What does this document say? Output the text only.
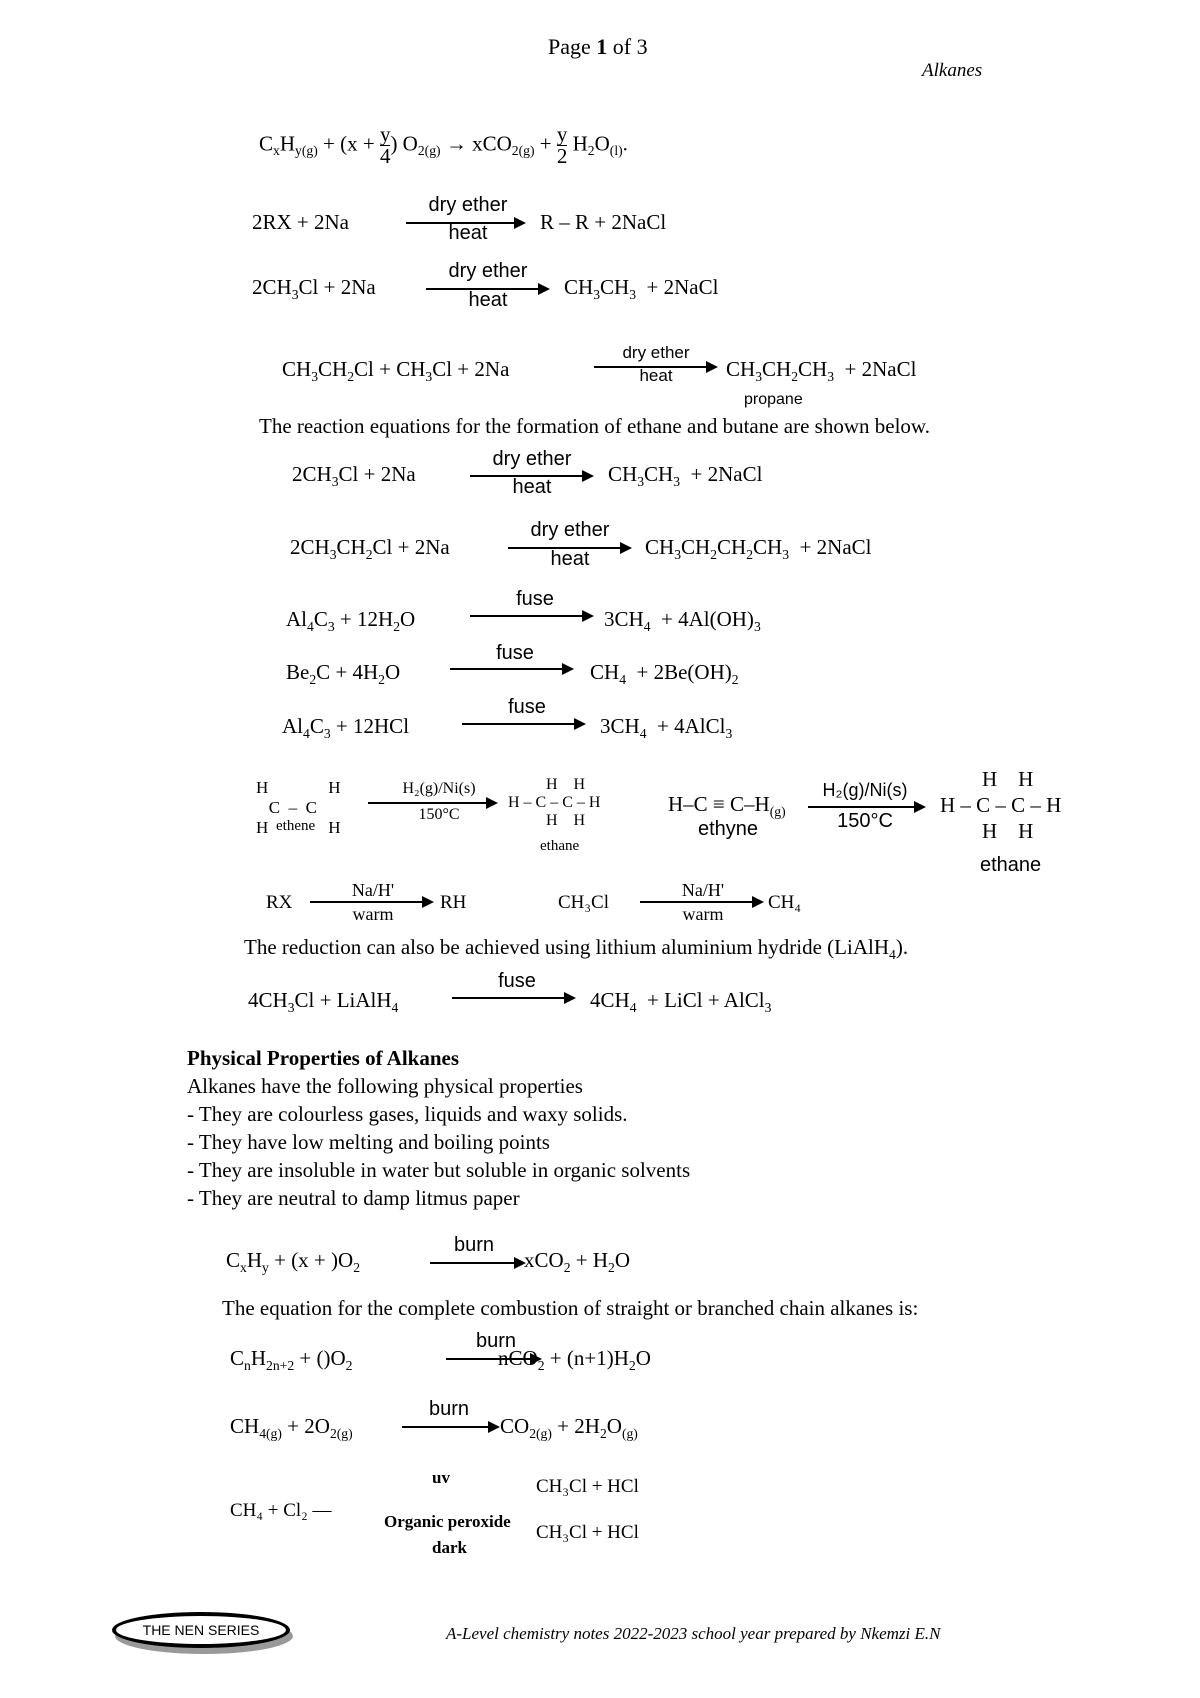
Page 1 of 3
Alkanes
$C_xH_{y(g)} + (x + \frac{y}{4}$ ) $O_{2(g)} \to xCO_{2(g)} + \frac{y}{2} H_2O_{(l)}$.
2RX + 2Na
dry ether
heat	R – R + 2NaCl
$2CH_3Cl + 2Na$
dry ether
heat
$CH_3CH_3$  + 2NaCl
$CH_3CH_2Cl + CH_3Cl + 2Na$
dry ether
heat	$CH_3CH_2CH_3$  + 2NaCl
propane
The reaction equations for the formation of ethane and butane are shown below.
$2CH_3Cl + 2Na$
dry ether
heat
$CH_3CH_3$  + 2NaCl
$2CH_3CH_2Cl + 2Na$
dry ether
heat	$CH_3CH_2CH_2CH_3$  + 2NaCl
$Al_4C_3 + 12H_2O$
fuse
$3CH_4 + 4Al(OH)_3$
$Be_2C + 4H_2O$
fuse
$CH_4 + 2Be(OH)_2$
$Al_4C_3 + 12HCl$
fuse
$3CH_4$  + 4AlCl$_3$
H	H
C  –  C
H	H
ethene
H₂(g)/Ni(s)
150°C
H    H
H – C – C – H
H    H
ethane
$H-C \equiv C-H_{(g)}$
ethyne
H₂(g)/Ni(s)
150°C
H    H
H – C – C – H
H    H
ethane
RX
Na/H'
warm
RH	CH₃Cl
Na/H'
warm
CH₄
The reduction can also be achieved using lithium aluminium hydride (LiAlH$_4$).
$4CH_3Cl$ + LiAlH$_4$
fuse
$4CH_4$  + LiCl + AlCl$_3$
Physical Properties of Alkanes
Alkanes have the following physical properties
- They are colourless gases, liquids and waxy solids.
- They have low melting and boiling points
- They are insoluble in water but soluble in organic solvents
- They are neutral to damp litmus paper
$C_xH_y + (x + )O_2$
burn
$xCO_2 + H_2O$
The equation for the complete combustion of straight or branched chain alkanes is:
$C_nH_{2n+2} + ()O_2$
burn
$nCO_2 + (n+1)H_2O$
$CH_{4(g)} + 2O_{2(g)}$
burn
$CO_{2(g)} + 2H_2O_{(g)}$
CH₄ + Cl₂ —
uv
Organic peroxide
dark
CH₃Cl + HCl
CH₃Cl + HCl
THE NEN SERIES	A-Level chemistry notes 2022-2023 school year prepared by Nkemzi E.N
